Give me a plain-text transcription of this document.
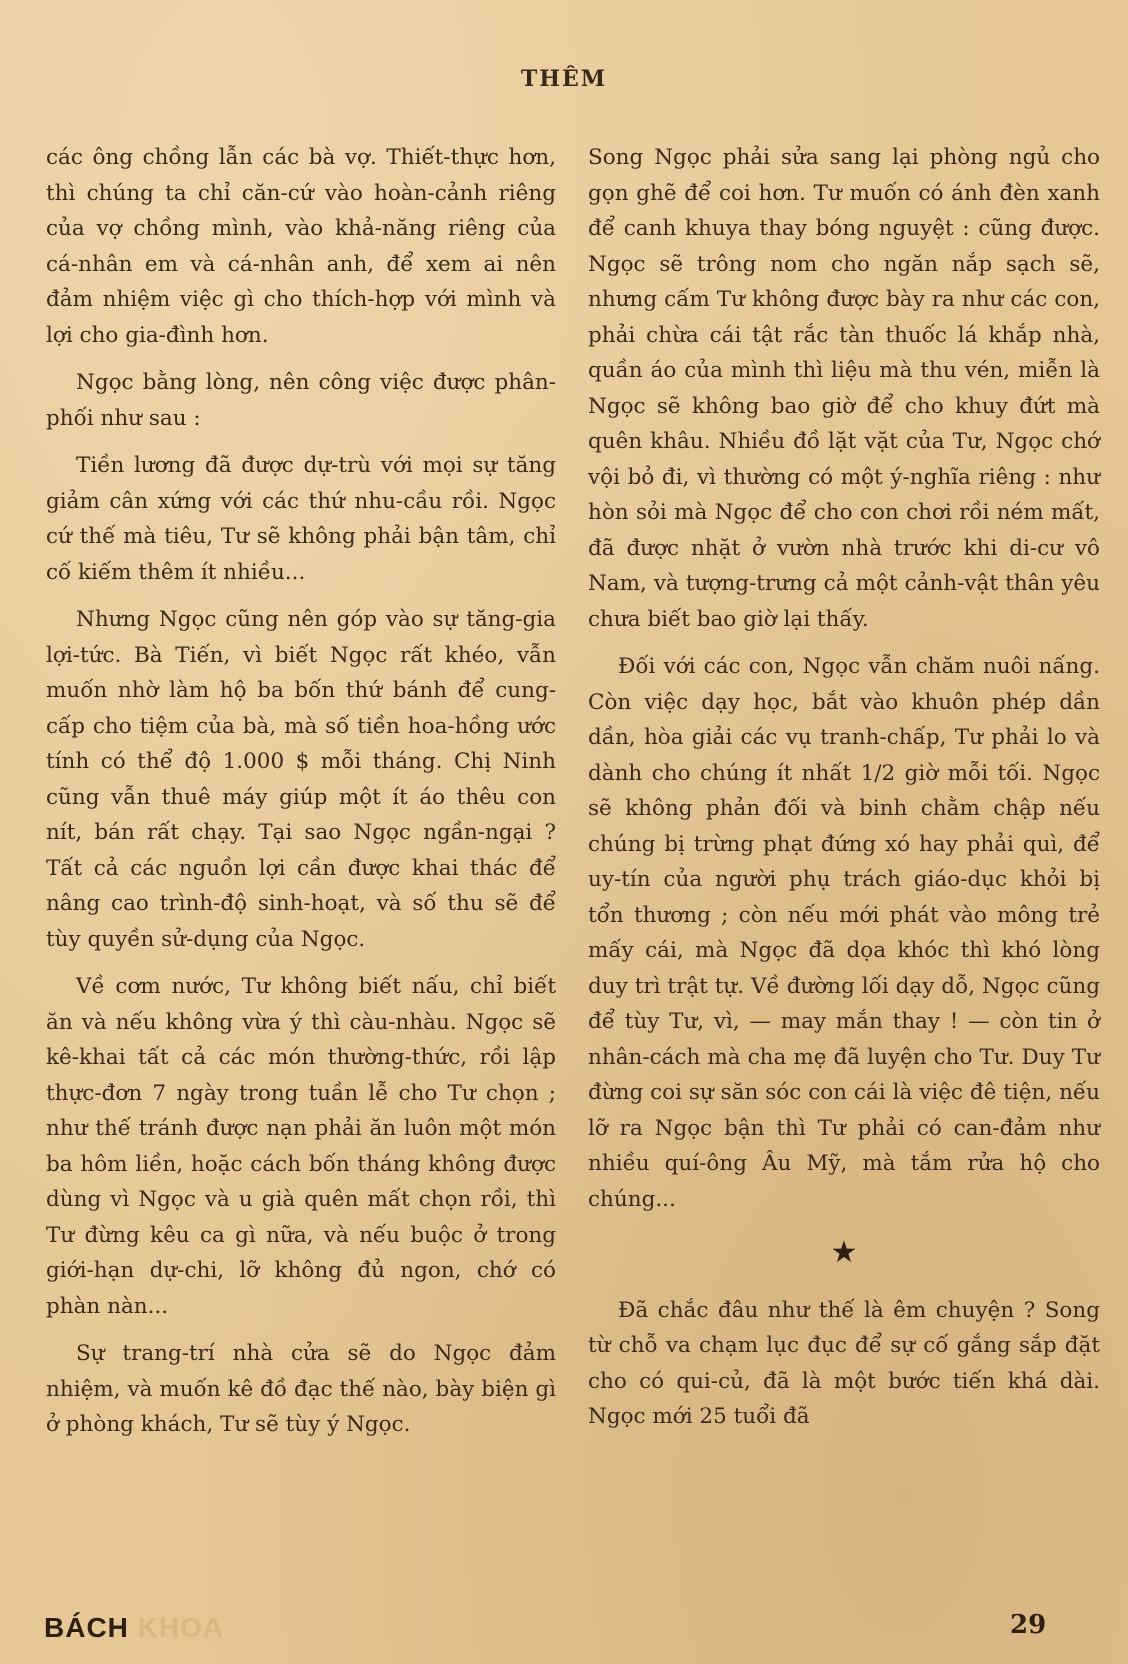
THÊM

các ông chồng lẫn các bà vợ. Thiết-thực hơn, thì chúng ta chỉ căn-cứ vào hoàn-cảnh riêng của vợ chồng mình, vào khả-năng riêng của cá-nhân em và cá-nhân anh, để xem ai nên đảm nhiệm việc gì cho thích-hợp với mình và lợi cho gia-đình hơn.

Ngọc bằng lòng, nên công việc được phân-phối như sau :

Tiền lương đã được dự-trù với mọi sự tăng giảm cân xứng với các thứ nhu-cầu rồi. Ngọc cứ thế mà tiêu, Tư sẽ không phải bận tâm, chỉ cố kiếm thêm ít nhiều...

Nhưng Ngọc cũng nên góp vào sự tăng-gia lợi-tức. Bà Tiến, vì biết Ngọc rất khéo, vẫn muốn nhờ làm hộ ba bốn thứ bánh để cung-cấp cho tiệm của bà, mà số tiền hoa-hồng ước tính có thể độ 1.000 $ mỗi tháng. Chị Ninh cũng vẫn thuê máy giúp một ít áo thêu con nít, bán rất chạy. Tại sao Ngọc ngần-ngại ? Tất cả các nguồn lợi cần được khai thác để nâng cao trình-độ sinh-hoạt, và số thu sẽ để tùy quyền sử-dụng của Ngọc.

Về cơm nước, Tư không biết nấu, chỉ biết ăn và nếu không vừa ý thì càu-nhàu. Ngọc sẽ kê-khai tất cả các món thường-thức, rồi lập thực-đơn 7 ngày trong tuần lễ cho Tư chọn ; như thế tránh được nạn phải ăn luôn một món ba hôm liền, hoặc cách bốn tháng không được dùng vì Ngọc và u già quên mất chọn rồi, thì Tư đừng kêu ca gì nữa, và nếu buộc ở trong giới-hạn dự-chi, lỡ không đủ ngon, chớ có phàn nàn...

Sự trang-trí nhà cửa sẽ do Ngọc đảm nhiệm, và muốn kê đồ đạc thế nào, bày biện gì ở phòng khách, Tư sẽ tùy ý Ngọc.

Song Ngọc phải sửa sang lại phòng ngủ cho gọn ghẽ để coi hơn. Tư muốn có ánh đèn xanh để canh khuya thay bóng nguyệt : cũng được. Ngọc sẽ trông nom cho ngăn nắp sạch sẽ, nhưng cấm Tư không được bày ra như các con, phải chừa cái tật rắc tàn thuốc lá khắp nhà, quần áo của mình thì liệu mà thu vén, miễn là Ngọc sẽ không bao giờ để cho khuy đứt mà quên khâu. Nhiều đồ lặt vặt của Tư, Ngọc chớ vội bỏ đi, vì thường có một ý-nghĩa riêng : như hòn sỏi mà Ngọc để cho con chơi rồi ném mất, đã được nhặt ở vườn nhà trước khi di-cư vô Nam, và tượng-trưng cả một cảnh-vật thân yêu chưa biết bao giờ lại thấy.

Đối với các con, Ngọc vẫn chăm nuôi nấng. Còn việc dạy học, bắt vào khuôn phép dần dần, hòa giải các vụ tranh-chấp, Tư phải lo và dành cho chúng ít nhất 1/2 giờ mỗi tối. Ngọc sẽ không phản đối và binh chằm chập nếu chúng bị trừng phạt đứng xó hay phải quì, để uy-tín của người phụ trách giáo-dục khỏi bị tổn thương ; còn nếu mới phát vào mông trẻ mấy cái, mà Ngọc đã dọa khóc thì khó lòng duy trì trật tự. Về đường lối dạy dỗ, Ngọc cũng để tùy Tư, vì, — may mắn thay ! — còn tin ở nhân-cách mà cha mẹ đã luyện cho Tư. Duy Tư đừng coi sự săn sóc con cái là việc đê tiện, nếu lỡ ra Ngọc bận thì Tư phải có can-đảm như nhiều quí-ông Âu Mỹ, mà tắm rửa hộ cho chúng...

★

Đã chắc đâu như thế là êm chuyện ? Song từ chỗ va chạm lục đục để sự cố gắng sắp đặt cho có qui-củ, đã là một bước tiến khá dài. Ngọc mới 25 tuổi đã

BÁCH KHOA	29
